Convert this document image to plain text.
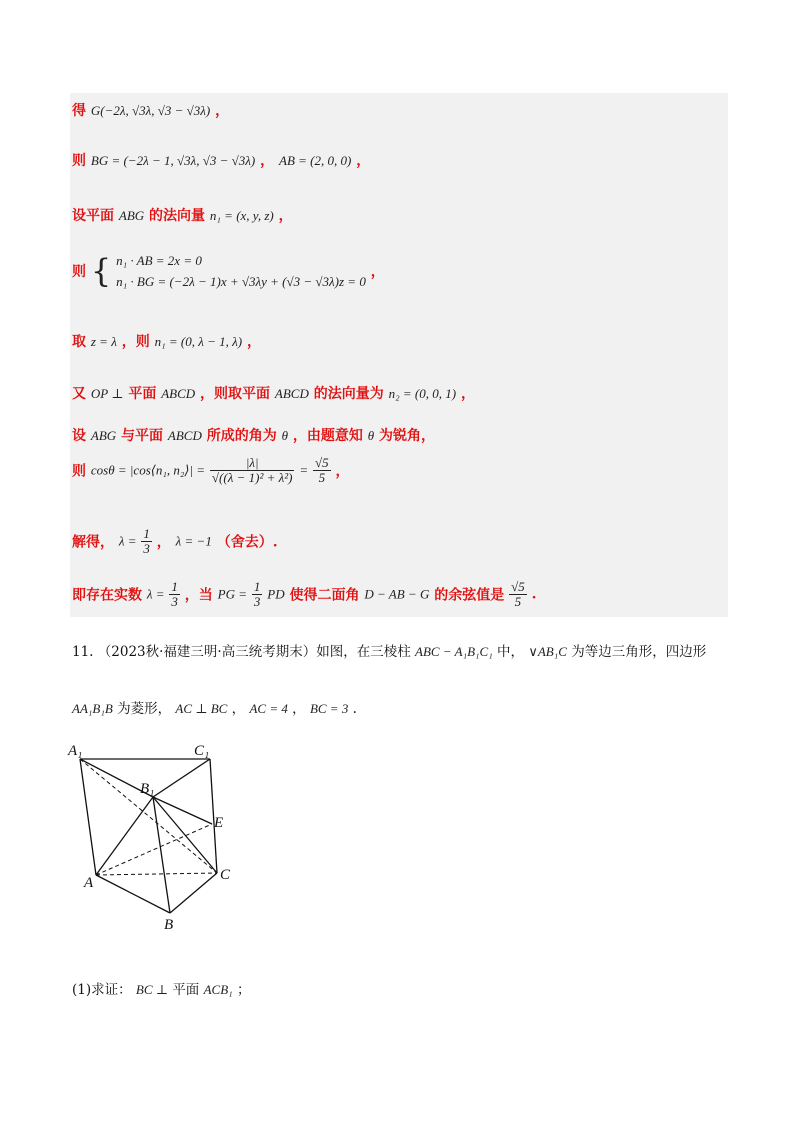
得 G(−2λ, √3λ, √3 − √3λ) ，
则 BG = (−2λ − 1, √3λ, √3 − √3λ) ， AB = (2, 0, 0) ，
设平面 ABG 的法向量 n₁ = (x, y, z) ，
则 { n₁ · AB = 2x = 0
n₁ · BG = (−2λ − 1)x + √3λy + (√3 − √3λ)z = 0
，
取 z = λ ，则 n₁ = (0, λ − 1, λ) ，
又 OP ⊥ 平面 ABCD ，则取平面 ABCD 的法向量为 n₂ = (0, 0, 1) ，
设 ABG 与平面 ABCD 所成的角为 θ ，由题意知 θ 为锐角，
则 cosθ = |cos⟨n₁, n₂⟩| = $\frac{|\lambda|}{\text{√((λ − 1)² + λ²)}} = \frac{√5}{5}$ ，
解得， $\lambda = \frac{1}{3}$ ， λ = −1 （舍去）.
即存在实数 $\lambda = \frac{1}{3}$ ，当 PG = $\frac{1}{3}$ PD 使得二面角 D − AB − G 的余弦值是 $\frac{√5}{5}$ .
11. （2023秋·福建三明·高三统考期末）如图，在三棱柱 ABC − A₁B₁C₁ 中， ∨AB₁C 为等边三角形，四边形
AA₁B₁B 为菱形， AC ⊥ BC ， AC = 4 ， BC = 3 .
A₁	C₁
B₁
E
A	C
B
(1)求证： BC ⊥ 平面 ACB₁ ；
